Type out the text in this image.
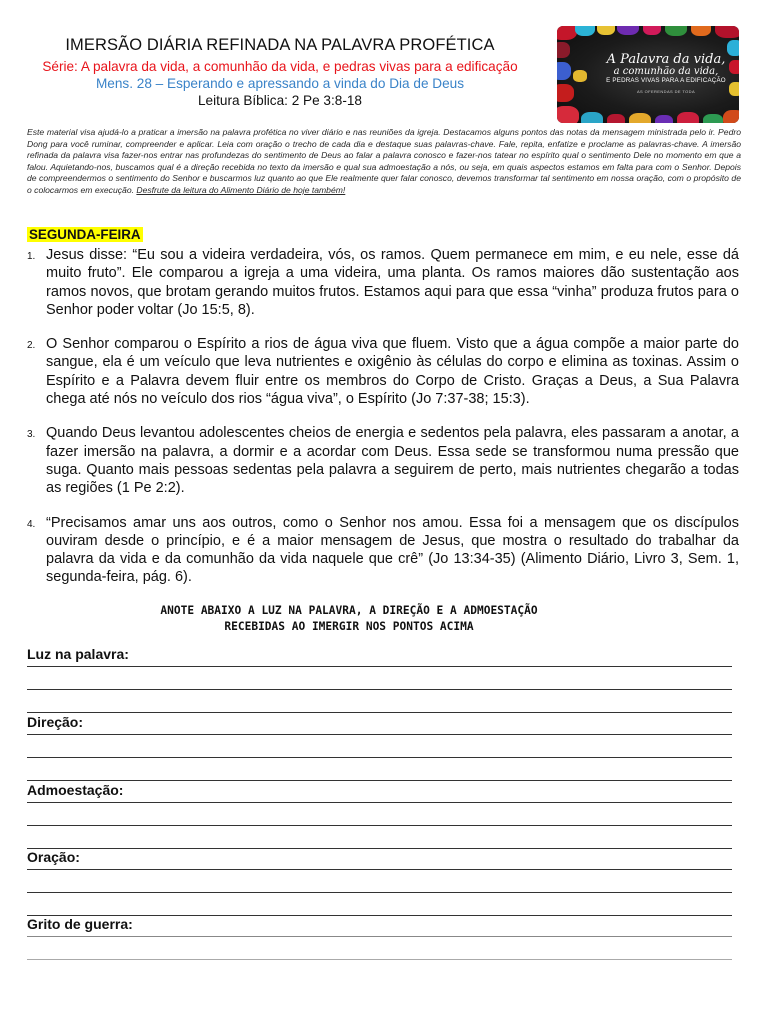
IMERSÃO DIÁRIA REFINADA NA PALAVRA PROFÉTICA
Série: A palavra da vida, a comunhão da vida, e pedras vivas para a edificação
Mens. 28 – Esperando e apressando a vinda do Dia de Deus
Leitura Bíblica: 2 Pe 3:8-18
A Palavra da vida,
a comunhão da vida,
E PEDRAS VIVAS PARA A EDIFICAÇÃO
AS OFERENDAS DE TODA
Este material visa ajudá-lo a praticar a imersão na palavra profética no viver diário e nas reuniões da igreja. Destacamos alguns pontos das notas da mensagem ministrada pelo ir. Pedro Dong para você ruminar, compreender e aplicar. Leia com oração o trecho de cada dia e destaque suas palavras-chave. Fale, repita, enfatize e proclame as palavras-chave. A imersão refinada da palavra visa fazer-nos entrar nas profundezas do sentimento de Deus ao falar a palavra conosco e fazer-nos tatear no espírito qual o sentimento Dele no momento em que a falou. Aquietando-nos, buscamos qual é a direção recebida no texto da imersão e qual sua admoestação a nós, ou seja, em quais aspectos estamos em falta para com o Senhor. Depois de compreendermos o sentimento do Senhor e buscarmos luz quanto ao que Ele realmente quer falar conosco, devemos transformar tal sentimento em nossa oração, com o propósito de o colocarmos em execução. Desfrute da leitura do Alimento Diário de hoje também!
SEGUNDA-FEIRA
1. Jesus disse: “Eu sou a videira verdadeira, vós, os ramos. Quem permanece em mim, e eu nele, esse dá muito fruto”. Ele comparou a igreja a uma videira, uma planta. Os ramos maiores dão sustentação aos ramos novos, que brotam gerando muitos frutos. Estamos aqui para que essa “vinha” produza frutos para o Senhor poder voltar (Jo 15:5, 8).
2. O Senhor comparou o Espírito a rios de água viva que fluem. Visto que a água compõe a maior parte do sangue, ela é um veículo que leva nutrientes e oxigênio às células do corpo e elimina as toxinas. Assim o Espírito e a Palavra devem fluir entre os membros do Corpo de Cristo. Graças a Deus, a Sua Palavra chega até nós no veículo dos rios “água viva”, o Espírito (Jo 7:37-38; 15:3).
3. Quando Deus levantou adolescentes cheios de energia e sedentos pela palavra, eles passaram a anotar, a fazer imersão na palavra, a dormir e a acordar com Deus. Essa sede se transformou numa pressão que suga. Quanto mais pessoas sedentas pela palavra a seguirem de perto, mais nutrientes chegarão a todas as regiões (1 Pe 2:2).
4. “Precisamos amar uns aos outros, como o Senhor nos amou. Essa foi a mensagem que os discípulos ouviram desde o princípio, e é a maior mensagem de Jesus, que mostra o resultado do trabalhar da palavra da vida e da comunhão da vida naquele que crê” (Jo 13:34-35) (Alimento Diário, Livro 3, Sem. 1, segunda-feira, pág. 6).
ANOTE ABAIXO A LUZ NA PALAVRA, A DIREÇÃO E A ADMOESTAÇÃO
RECEBIDAS AO IMERGIR NOS PONTOS ACIMA
Luz na palavra:
Direção:
Admoestação:
Oração:
Grito de guerra:
